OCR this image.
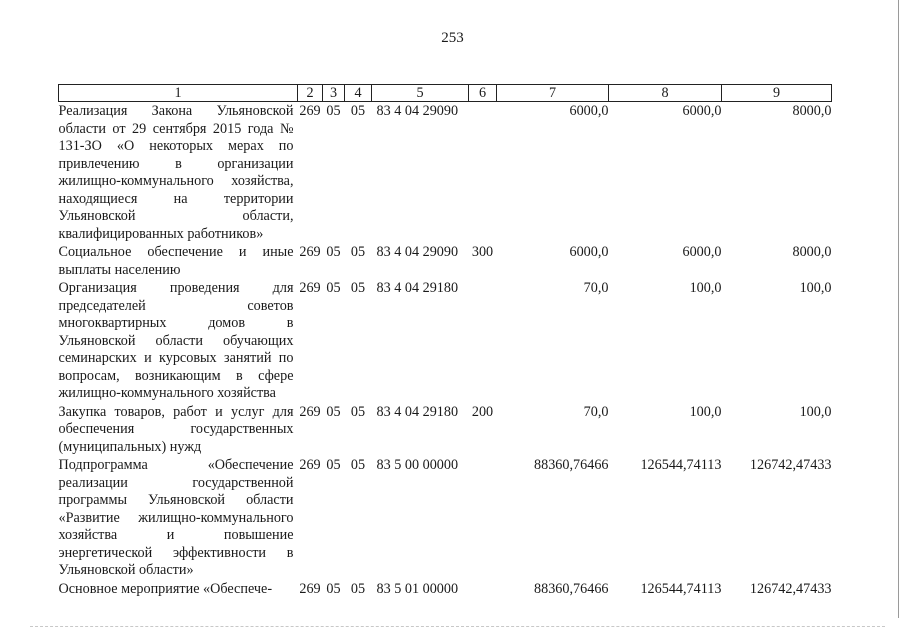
253
1	2	3	4	5	6	7	8	9
Реализация Закона Ульяновской области от 29 сентября 2015 года № 131-ЗО «О некоторых мерах по привлечению в организации жилищно-коммунального хозяйства, находящиеся на территории Ульяновской области, квалифицированных работников»	269	05	05	83 4 04 29090		6000,0	6000,0	8000,0
Социальное обеспечение и иные выплаты населению	269	05	05	83 4 04 29090	300	6000,0	6000,0	8000,0
Организация проведения для председателей советов многоквартирных домов в Ульяновской области обучающих семинарских и курсовых занятий по вопросам, возникающим в сфере жилищно-коммунального хозяйства	269	05	05	83 4 04 29180		70,0	100,0	100,0
Закупка товаров, работ и услуг для обеспечения государственных (муниципальных) нужд	269	05	05	83 4 04 29180	200	70,0	100,0	100,0
Подпрограмма «Обеспечение реализации государственной программы Ульяновской области «Развитие жилищно-коммунального хозяйства и повышение энергетической эффективности в Ульяновской области»	269	05	05	83 5 00 00000		88360,76466	126544,74113	126742,47433
Основное мероприятие «Обеспече-	269	05	05	83 5 01 00000		88360,76466	126544,74113	126742,47433
